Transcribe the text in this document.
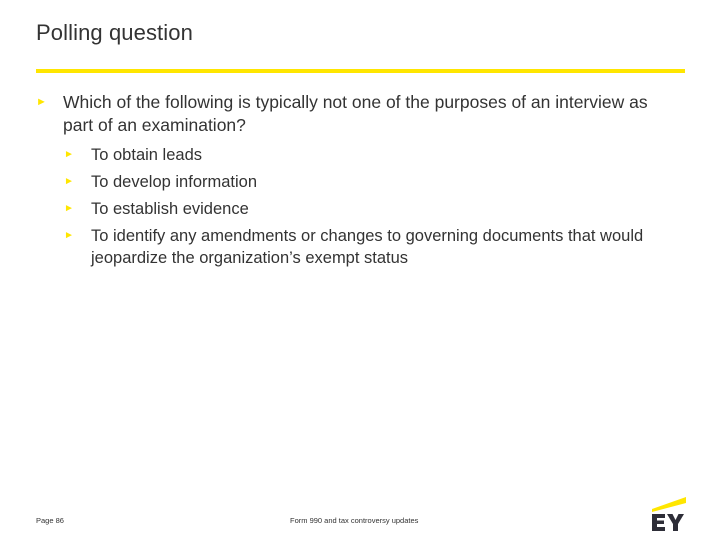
Polling question
► Which of the following is typically not one of the purposes of an interview as part of an examination?
►	To obtain leads
►	To develop information
►	To establish evidence
►	To identify any amendments or changes to governing documents that would jeopardize the organization’s exempt status
Page 86	Form 990 and tax controversy updates
